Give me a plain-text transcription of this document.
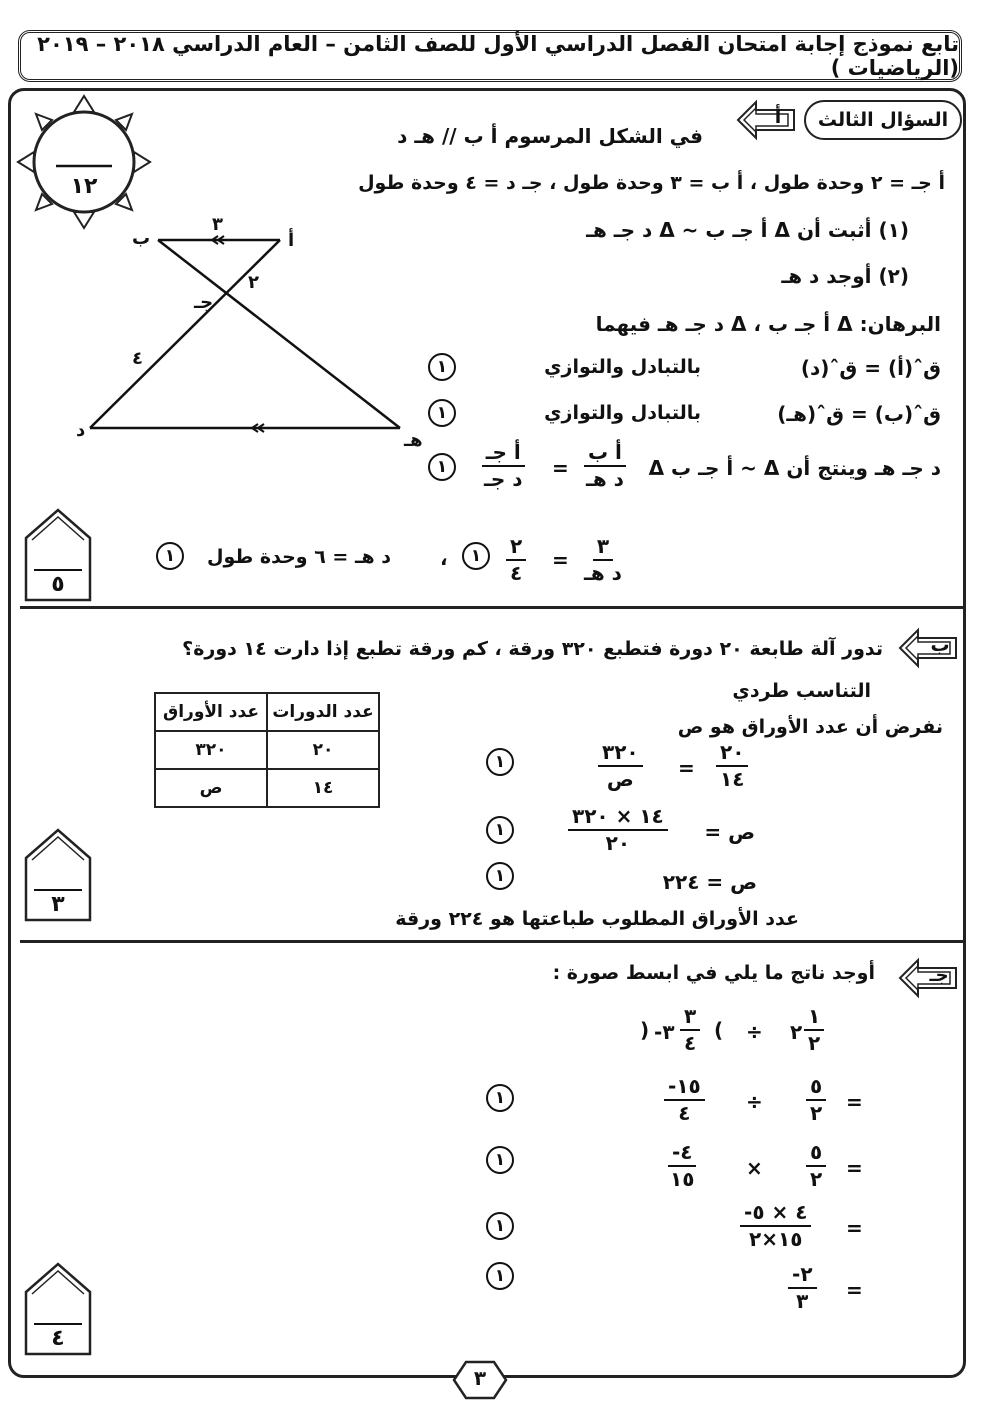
تابع نموذج إجابة امتحان الفصل الدراسي الأول للصف الثامن – العام الدراسي ٢٠١٨ – ٢٠١٩ (الرياضيات )
١٢
السؤال الثالث
أ
في الشكل المرسوم أ ب // هـ د
أ جـ = ٢ وحدة طول ، أ ب = ٣ وحدة طول ، جـ د = ٤ وحدة طول
(١) أثبت أن Δ أ جـ ب ~ Δ د جـ هـ
(٢) أوجد د هـ
البرهان: Δ أ جـ ب ، Δ د جـ هـ فيهما
قˆ(أ) = قˆ(د)
بالتبادل والتوازي
١
قˆ(ب) = قˆ(هـ)
بالتبادل والتوازي
١
Δ أ جـ ب ~ Δ د جـ هـ وينتج أن
أ ب
د هـ
=
أ جـ
د جـ
١
٣
د هـ
=
٢
٤
١
،
د هـ = ٦ وحدة طول
١
ب	أ
٣
٢
جـ
٤
د	هـ
٥
ب
تدور آلة طابعة ٢٠ دورة فتطبع ٣٢٠ ورقة ، كم ورقة تطبع إذا دارت ١٤ دورة؟
التناسب طردي
نفرض أن عدد الأوراق هو ص
عدد الأوراق	عدد الدورات
٣٢٠	٢٠
ص	١٤
٢٠
١٤
=
٣٢٠
ص
١
ص =
١٤ × ٣٢٠
٢٠
١
ص = ٢٢٤
١
عدد الأوراق المطلوب طباعتها هو ٢٢٤ ورقة
٣
جـ
أوجد ناتج ما يلي في ابسط صورة :
٢
١
٢
÷
(
٣
٤
-٣
)
=
٥
٢
÷
-١٥
٤
١
=
٥
٢
×
-٤
١٥
١
=
-٤ × ٥
١٥×٢
١
=
-٢
٣
١
٤
٣
